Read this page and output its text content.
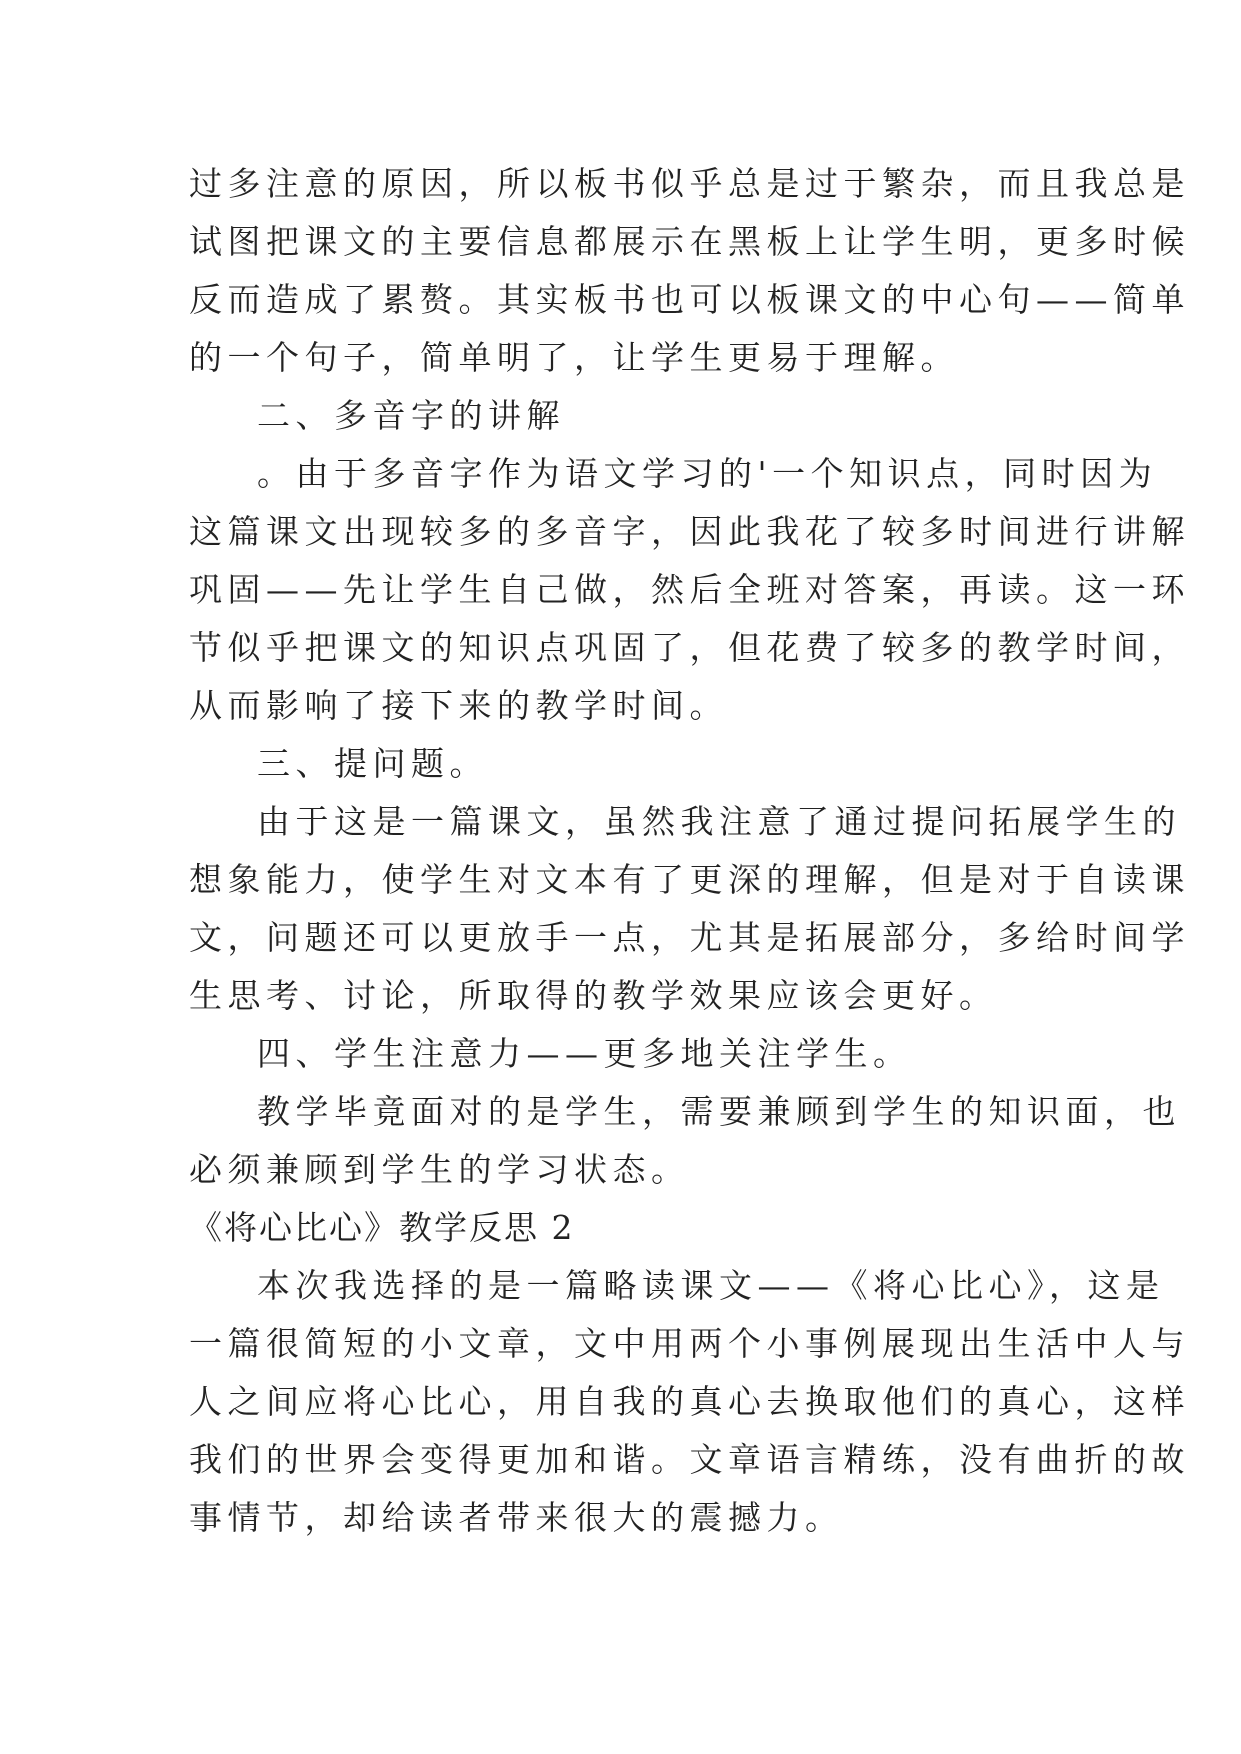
过多注意的原因，所以板书似乎总是过于繁杂，而且我总是

试图把课文的主要信息都展示在黑板上让学生明，更多时候

反而造成了累赘。其实板书也可以板课文的中心句——简单

的一个句子，简单明了，让学生更易于理解。

二、多音字的讲解

。由于多音字作为语文学习的'一个知识点，同时因为

这篇课文出现较多的多音字，因此我花了较多时间进行讲解

巩固——先让学生自己做，然后全班对答案，再读。这一环

节似乎把课文的知识点巩固了，但花费了较多的教学时间，

从而影响了接下来的教学时间。

三、提问题。

由于这是一篇课文，虽然我注意了通过提问拓展学生的

想象能力，使学生对文本有了更深的理解，但是对于自读课

文，问题还可以更放手一点，尤其是拓展部分，多给时间学

生思考、讨论，所取得的教学效果应该会更好。

四、学生注意力——更多地关注学生。

教学毕竟面对的是学生，需要兼顾到学生的知识面，也

必须兼顾到学生的学习状态。

《将心比心》教学反思 2

本次我选择的是一篇略读课文——《将心比心》，这是

一篇很简短的小文章，文中用两个小事例展现出生活中人与

人之间应将心比心，用自我的真心去换取他们的真心，这样

我们的世界会变得更加和谐。文章语言精练，没有曲折的故

事情节，却给读者带来很大的震撼力。
